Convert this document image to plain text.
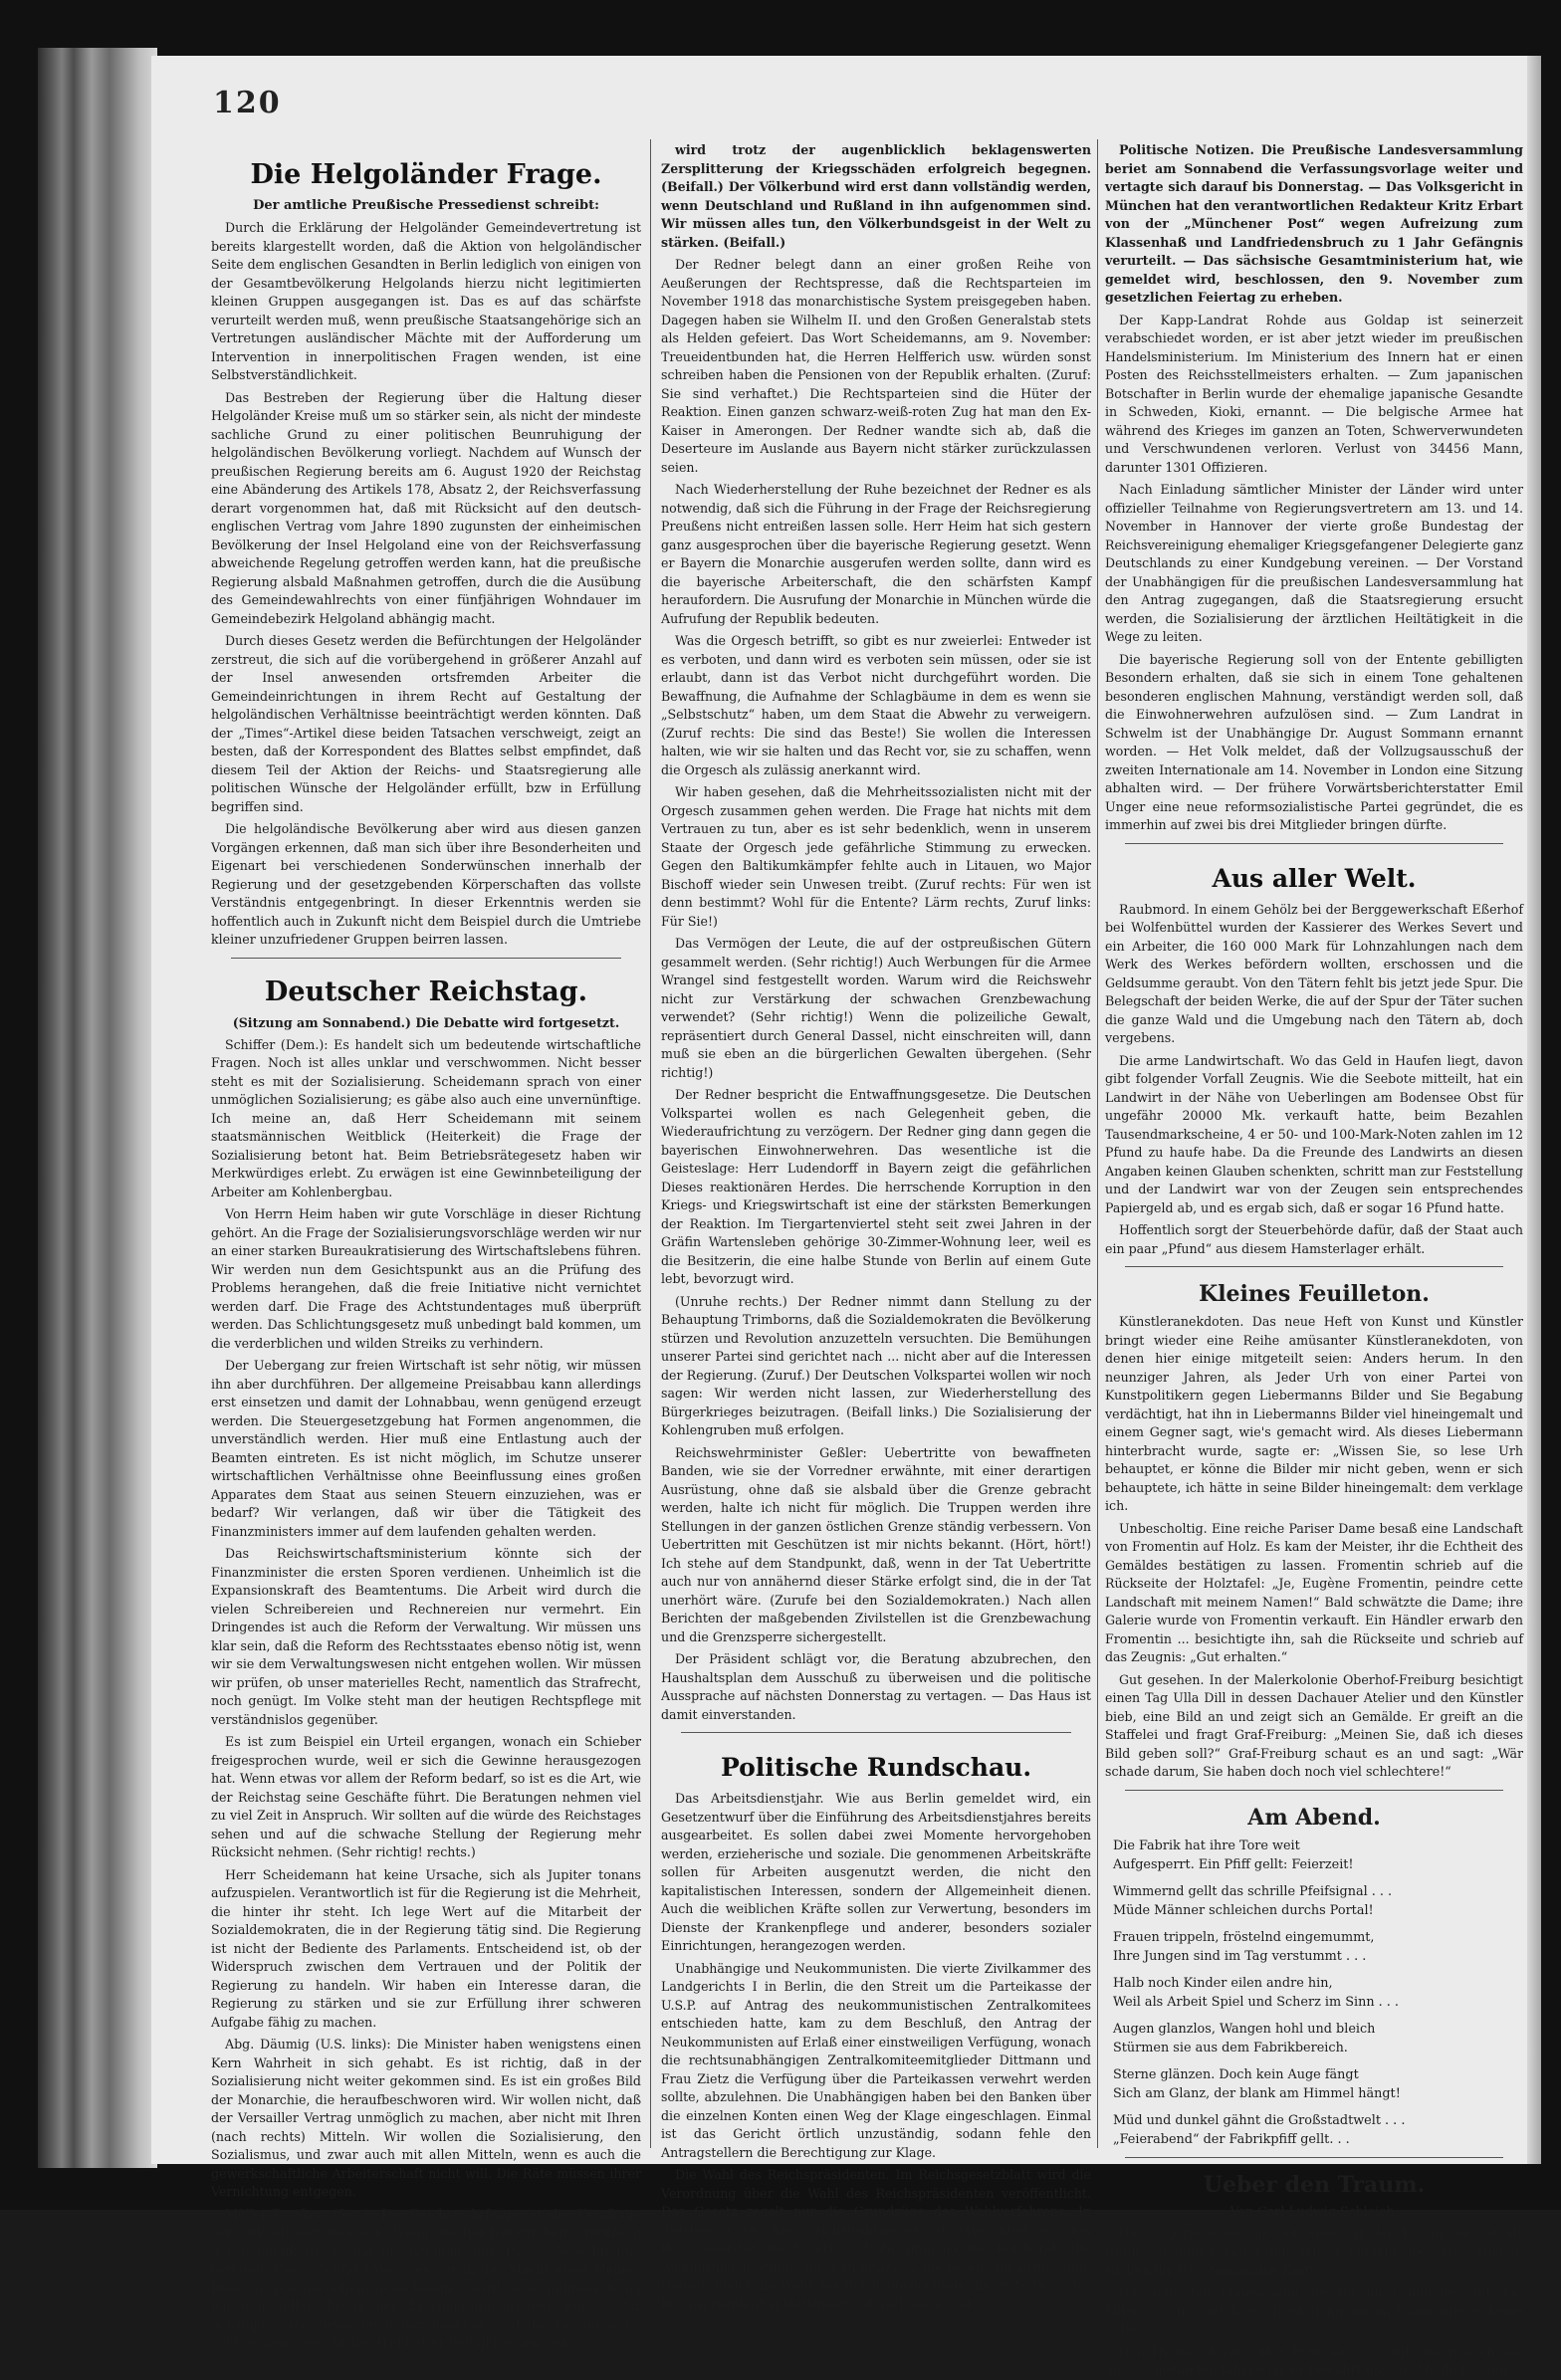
120
Die Helgoländer Frage.
Der amtliche Preußische Pressedienst schreibt:

Durch die Erklärung der Helgoländer Gemeindevertretung ist bereits klargestellt worden, daß die Aktion von helgoländischer Seite dem englischen Gesandten in Berlin lediglich von einigen von der Gesamtbevölkerung Helgolands hierzu nicht legitimierten kleinen Gruppen ausgegangen ist. Das es auf das schärfste verurteilt werden muß, wenn preußische Staatsangehörige sich an Vertretungen ausländischer Mächte mit der Aufforderung um Intervention in innerpolitischen Fragen wenden, ist eine Selbstverständlichkeit.

Das Bestreben der Regierung über die Haltung dieser Helgoländer Kreise muß um so stärker sein, als nicht der mindeste sachliche Grund zu einer politischen Beunruhigung der helgoländischen Bevölkerung vorliegt. Nachdem auf Wunsch der preußischen Regierung bereits am 6. August 1920 der Reichstag eine Abänderung des Artikels 178, Absatz 2, der Reichsverfassung derart vorgenommen hat, daß mit Rücksicht auf den deutsch-englischen Vertrag vom Jahre 1890 zugunsten der einheimischen Bevölkerung der Insel Helgoland eine von der Reichsverfassung abweichende Regelung getroffen werden kann, hat die preußische Regierung alsbald Maßnahmen getroffen, durch die die Ausübung des Gemeindewahlrechts von einer fünfjährigen Wohndauer im Gemeindebezirk Helgoland abhängig macht.

Durch dieses Gesetz werden die Befürchtungen der Helgoländer zerstreut, die sich auf die vorübergehend in größerer Anzahl auf der Insel anwesenden ortsfremden Arbeiter die Gemeindeinrichtungen in ihrem Recht auf Gestaltung der helgoländischen Verhältnisse beeinträchtigt werden könnten. Daß der „Times“-Artikel diese beiden Tatsachen verschweigt, zeigt an besten, daß der Korrespondent des Blattes selbst empfindet, daß diesem Teil der Aktion der Reichs- und Staatsregierung alle politischen Wünsche der Helgoländer erfüllt, bzw in Erfüllung begriffen sind.

Die helgoländische Bevölkerung aber wird aus diesen ganzen Vorgängen erkennen, daß man sich über ihre Besonderheiten und Eigenart bei verschiedenen Sonderwünschen innerhalb der Regierung und der gesetzgebenden Körperschaften das vollste Verständnis entgegenbringt. In dieser Erkenntnis werden sie hoffentlich auch in Zukunft nicht dem Beispiel durch die Umtriebe kleiner unzufriedener Gruppen beirren lassen.

Deutscher Reichstag.
(Sitzung am Sonnabend.) Die Debatte wird fortgesetzt.

Schiffer (Dem.): Es handelt sich um bedeutende wirtschaftliche Fragen. Noch ist alles unklar und verschwommen. Nicht besser steht es mit der Sozialisierung. Scheidemann sprach von einer unmöglichen Sozialisierung; es gäbe also auch eine unvernünftige. Ich meine an, daß Herr Scheidemann mit seinem staatsmännischen Weitblick (Heiterkeit) die Frage der Sozialisierung betont hat. Beim Betriebsrätegesetz haben wir Merkwürdiges erlebt. Zu erwägen ist eine Gewinnbeteiligung der Arbeiter am Kohlenbergbau.

Von Herrn Heim haben wir gute Vorschläge in dieser Richtung gehört. An die Frage der Sozialisierungsvorschläge werden wir nur an einer starken Bureaukratisierung des Wirtschaftslebens führen. Wir werden nun dem Gesichtspunkt aus an die Prüfung des Problems herangehen, daß die freie Initiative nicht vernichtet werden darf. Die Frage des Achtstundentages muß überprüft werden. Das Schlichtungsgesetz muß unbedingt bald kommen, um die verderblichen und wilden Streiks zu verhindern.

Der Uebergang zur freien Wirtschaft ist sehr nötig, wir müssen ihn aber durchführen. Der allgemeine Preisabbau kann allerdings erst einsetzen und damit der Lohnabbau, wenn genügend erzeugt werden. Die Steuergesetzgebung hat Formen angenommen, die unverständlich werden. Hier muß eine Entlastung auch der Beamten eintreten. Es ist nicht möglich, im Schutze unserer wirtschaftlichen Verhältnisse ohne Beeinflussung eines großen Apparates dem Staat aus seinen Steuern einzuziehen, was er bedarf? Wir verlangen, daß wir über die Tätigkeit des Finanzministers immer auf dem laufenden gehalten werden.

Das Reichswirtschaftsministerium könnte sich der Finanzminister die ersten Sporen verdienen. Unheimlich ist die Expansionskraft des Beamtentums. Die Arbeit wird durch die vielen Schreibereien und Rechnereien nur vermehrt. Ein Dringendes ist auch die Reform der Verwaltung. Wir müssen uns klar sein, daß die Reform des Rechtsstaates ebenso nötig ist, wenn wir sie dem Verwaltungswesen nicht entgehen wollen. Wir müssen wir prüfen, ob unser materielles Recht, namentlich das Strafrecht, noch genügt. Im Volke steht man der heutigen Rechtspflege mit verständnislos gegenüber.

Es ist zum Beispiel ein Urteil ergangen, wonach ein Schieber freigesprochen wurde, weil er sich die Gewinne herausgezogen hat. Wenn etwas vor allem der Reform bedarf, so ist es die Art, wie der Reichstag seine Geschäfte führt. Die Beratungen nehmen viel zu viel Zeit in Anspruch. Wir sollten auf die würde des Reichstages sehen und auf die schwache Stellung der Regierung mehr Rücksicht nehmen. (Sehr richtig! rechts.)

Herr Scheidemann hat keine Ursache, sich als Jupiter tonans aufzuspielen. Verantwortlich ist für die Regierung ist die Mehrheit, die hinter ihr steht. Ich lege Wert auf die Mitarbeit der Sozialdemokraten, die in der Regierung tätig sind. Die Regierung ist nicht der Bediente des Parlaments. Entscheidend ist, ob der Widerspruch zwischen dem Vertrauen und der Politik der Regierung zu handeln. Wir haben ein Interesse daran, die Regierung zu stärken und sie zur Erfüllung ihrer schweren Aufgabe fähig zu machen.

Abg. Däumig (U.S. links): Die Minister haben wenigstens einen Kern Wahrheit in sich gehabt. Es ist richtig, daß in der Sozialisierung nicht weiter gekommen sind. Es ist ein großes Bild der Monarchie, die heraufbeschworen wird. Wir wollen nicht, daß der Versailler Vertrag unmöglich zu machen, aber nicht mit Ihren (nach rechts) Mitteln. Wir wollen die Sozialisierung, den Sozialismus, und zwar auch mit allen Mitteln, wenn es auch die gewerkschaftliche Arbeiterschaft nicht will. Die Räte müssen ihrer Vernichtung entgegen.

Müller-Franken (Soz.): Die Reichswehrfrage ist die Kernfrage der Zukunft der Republik. Wenn die Reichswehr kein Werkzeug der Republik ist, so hat die Republik ihre Daseinsberechtigung verloren. (Sehr richtig!) Wenn es nur in der Macht eines kleinen Endes gegen uns gehen, wenn kommen wird, so zu nehmen, wenn ich den vollen Besitz der Erschöpfung bringen würde. Wir bekämpfen die Bewaffnung der Reaktion und die Revanche ist vollkommen aussichtslos. (Lebhafter Beifall bei den Soz.)

wird trotz der augenblicklich beklagenswerten Zersplitterung der Kriegsschäden erfolgreich begegnen. (Beifall.) Der Völkerbund wird erst dann vollständig werden, wenn Deutschland und Rußland in ihn aufgenommen sind. Wir müssen alles tun, den Völkerbundsgeist in der Welt zu stärken. (Beifall.)

Der Redner belegt dann an einer großen Reihe von Aeußerungen der Rechtspresse, daß die Rechtsparteien im November 1918 das monarchistische System preisgegeben haben. Dagegen haben sie Wilhelm II. und den Großen Generalstab stets als Helden gefeiert. Das Wort Scheidemanns, am 9. November: Treueidentbunden hat, die Herren Helfferich usw. würden sonst schreiben haben die Pensionen von der Republik erhalten. (Zuruf: Sie sind verhaftet.) Die Rechtsparteien sind die Hüter der Reaktion. Einen ganzen schwarz-weiß-roten Zug hat man den Ex-Kaiser in Amerongen. Der Redner wandte sich ab, daß die Deserteure im Auslande aus Bayern nicht stärker zurückzulassen seien.

Nach Wiederherstellung der Ruhe bezeichnet der Redner es als notwendig, daß sich die Führung in der Frage der Reichsregierung Preußens nicht entreißen lassen solle. Herr Heim hat sich gestern ganz ausgesprochen über die bayerische Regierung gesetzt. Wenn er Bayern die Monarchie ausgerufen werden sollte, dann wird es die bayerische Arbeiterschaft, die den schärfsten Kampf heraufordern. Die Ausrufung der Monarchie in München würde die Aufrufung der Republik bedeuten.

Was die Orgesch betrifft, so gibt es nur zweierlei: Entweder ist es verboten, und dann wird es verboten sein müssen, oder sie ist erlaubt, dann ist das Verbot nicht durchgeführt worden. Die Bewaffnung, die Aufnahme der Schlagbäume in dem es wenn sie „Selbstschutz“ haben, um dem Staat die Abwehr zu verweigern. (Zuruf rechts: Die sind das Beste!) Sie wollen die Interessen halten, wie wir sie halten und das Recht vor, sie zu schaffen, wenn die Orgesch als zulässig anerkannt wird.

Wir haben gesehen, daß die Mehrheitssozialisten nicht mit der Orgesch zusammen gehen werden. Die Frage hat nichts mit dem Vertrauen zu tun, aber es ist sehr bedenklich, wenn in unserem Staate der Orgesch jede gefährliche Stimmung zu erwecken. Gegen den Baltikumkämpfer fehlte auch in Litauen, wo Major Bischoff wieder sein Unwesen treibt. (Zuruf rechts: Für wen ist denn bestimmt? Wohl für die Entente? Lärm rechts, Zuruf links: Für Sie!)

Das Vermögen der Leute, die auf der ostpreußischen Gütern gesammelt werden. (Sehr richtig!) Auch Werbungen für die Armee Wrangel sind festgestellt worden. Warum wird die Reichswehr nicht zur Verstärkung der schwachen Grenzbewachung verwendet? (Sehr richtig!) Wenn die polizeiliche Gewalt, repräsentiert durch General Dassel, nicht einschreiten will, dann muß sie eben an die bürgerlichen Gewalten übergehen. (Sehr richtig!)

Der Redner bespricht die Entwaffnungsgesetze. Die Deutschen Volkspartei wollen es nach Gelegenheit geben, die Wiederaufrichtung zu verzögern. Der Redner ging dann gegen die bayerischen Einwohnerwehren. Das wesentliche ist die Geisteslage: Herr Ludendorff in Bayern zeigt die gefährlichen Dieses reaktionären Herdes. Die herrschende Korruption in den Kriegs- und Kriegswirtschaft ist eine der stärksten Bemerkungen der Reaktion. Im Tiergartenviertel steht seit zwei Jahren in der Gräfin Wartensleben gehörige 30-Zimmer-Wohnung leer, weil es die Besitzerin, die eine halbe Stunde von Berlin auf einem Gute lebt, bevorzugt wird.

(Unruhe rechts.) Der Redner nimmt dann Stellung zu der Behauptung Trimborns, daß die Sozialdemokraten die Bevölkerung stürzen und Revolution anzuzetteln versuchten. Die Bemühungen unserer Partei sind gerichtet nach ... nicht aber auf die Interessen der Regierung. (Zuruf.) Der Deutschen Volkspartei wollen wir noch sagen: Wir werden nicht lassen, zur Wiederherstellung des Bürgerkrieges beizutragen. (Beifall links.) Die Sozialisierung der Kohlengruben muß erfolgen.

Reichswehrminister Geßler: Uebertritte von bewaffneten Banden, wie sie der Vorredner erwähnte, mit einer derartigen Ausrüstung, ohne daß sie alsbald über die Grenze gebracht werden, halte ich nicht für möglich. Die Truppen werden ihre Stellungen in der ganzen östlichen Grenze ständig verbessern. Von Uebertritten mit Geschützen ist mir nichts bekannt. (Hört, hört!) Ich stehe auf dem Standpunkt, daß, wenn in der Tat Uebertritte auch nur von annähernd dieser Stärke erfolgt sind, die in der Tat unerhört wäre. (Zurufe bei den Sozialdemokraten.) Nach allen Berichten der maßgebenden Zivilstellen ist die Grenzbewachung und die Grenzsperre sichergestellt.

Der Präsident schlägt vor, die Beratung abzubrechen, den Haushaltsplan dem Ausschuß zu überweisen und die politische Aussprache auf nächsten Donnerstag zu vertagen. — Das Haus ist damit einverstanden.

Politische Rundschau.

Das Arbeitsdienstjahr. Wie aus Berlin gemeldet wird, ein Gesetzentwurf über die Einführung des Arbeitsdienstjahres bereits ausgearbeitet. Es sollen dabei zwei Momente hervorgehoben werden, erzieherische und soziale. Die genommenen Arbeitskräfte sollen für Arbeiten ausgenutzt werden, die nicht den kapitalistischen Interessen, sondern der Allgemeinheit dienen. Auch die weiblichen Kräfte sollen zur Verwertung, besonders im Dienste der Krankenpflege und anderer, besonders sozialer Einrichtungen, herangezogen werden.

Unabhängige und Neukommunisten. Die vierte Zivilkammer des Landgerichts I in Berlin, die den Streit um die Parteikasse der U.S.P. auf Antrag des neukommunistischen Zentralkomitees entschieden hatte, kam zu dem Beschluß, den Antrag der Neukommunisten auf Erlaß einer einstweiligen Verfügung, wonach die rechtsunabhängigen Zentralkomiteemitglieder Dittmann und Frau Zietz die Verfügung über die Parteikassen verwehrt werden sollte, abzulehnen. Die Unabhängigen haben bei den Banken über die einzelnen Konten einen Weg der Klage eingeschlagen. Einmal ist das Gericht örtlich unzuständig, sodann fehle den Antragstellern die Berechtigung zur Klage.

Die Wahl des Reichspräsidenten. Im Reichsgesetzblatt wird die Verordnung über die Wahl des Reichspräsidenten veröffentlicht. Das Gesetz regelt nur die Grundzüge des Wahlverfahrens. In Anlehnung an das Reichswahlgesetz ist ermächtigt es den Reichsminister des Innern, mit Zustimmung des Reichsrats die Ausführungsbestimmungen zu erlassen, die bereits im Druck sind. Danach findet die Wahl des Reichspräsidenten, die erste Wahl des Reichspräsidenten stattfindet, ist noch nicht fest.

Politische Notizen. Die Preußische Landesversammlung beriet am Sonnabend die Verfassungsvorlage weiter und vertagte sich darauf bis Donnerstag. — Das Volksgericht in München hat den verantwortlichen Redakteur Kritz Erbart von der „Münchener Post“ wegen Aufreizung zum Klassenhaß und Landfriedensbruch zu 1 Jahr Gefängnis verurteilt. — Das sächsische Gesamtministerium hat, wie gemeldet wird, beschlossen, den 9. November zum gesetzlichen Feiertag zu erheben.

Der Kapp-Landrat Rohde aus Goldap ist seinerzeit verabschiedet worden, er ist aber jetzt wieder im preußischen Handelsministerium. Im Ministerium des Innern hat er einen Posten des Reichsstellmeisters erhalten. — Zum japanischen Botschafter in Berlin wurde der ehemalige japanische Gesandte in Schweden, Kioki, ernannt. — Die belgische Armee hat während des Krieges im ganzen an Toten, Schwerverwundeten und Verschwundenen verloren. Verlust von 34456 Mann, darunter 1301 Offizieren.

Nach Einladung sämtlicher Minister der Länder wird unter offizieller Teilnahme von Regierungsvertretern am 13. und 14. November in Hannover der vierte große Bundestag der Reichsvereinigung ehemaliger Kriegsgefangener Delegierte ganz Deutschlands zu einer Kundgebung vereinen. — Der Vorstand der Unabhängigen für die preußischen Landesversammlung hat den Antrag zugegangen, daß die Staatsregierung ersucht werden, die Sozialisierung der ärztlichen Heiltätigkeit in die Wege zu leiten.

Die bayerische Regierung soll von der Entente gebilligten Besondern erhalten, daß sie sich in einem Tone gehaltenen besonderen englischen Mahnung, verständigt werden soll, daß die Einwohnerwehren aufzulösen sind. — Zum Landrat in Schwelm ist der Unabhängige Dr. August Sommann ernannt worden. — Het Volk meldet, daß der Vollzugsausschuß der zweiten Internationale am 14. November in London eine Sitzung abhalten wird. — Der frühere Vorwärtsberichterstatter Emil Unger eine neue reformsozialistische Partei gegründet, die es immerhin auf zwei bis drei Mitglieder bringen dürfte.

Aus aller Welt.

Raubmord. In einem Gehölz bei der Berggewerkschaft Eßerhof bei Wolfenbüttel wurden der Kassierer des Werkes Severt und ein Arbeiter, die 160 000 Mark für Lohnzahlungen nach dem Werk des Werkes befördern wollten, erschossen und die Geldsumme geraubt. Von den Tätern fehlt bis jetzt jede Spur. Die Belegschaft der beiden Werke, die auf der Spur der Täter suchen die ganze Wald und die Umgebung nach den Tätern ab, doch vergebens.

Die arme Landwirtschaft. Wo das Geld in Haufen liegt, davon gibt folgender Vorfall Zeugnis. Wie die Seebote mitteilt, hat ein Landwirt in der Nähe von Ueberlingen am Bodensee Obst für ungefähr 20000 Mk. verkauft hatte, beim Bezahlen Tausendmarkscheine, 4 er 50- und 100-Mark-Noten zahlen im 12 Pfund zu haufe habe. Da die Freunde des Landwirts an diesen Angaben keinen Glauben schenkten, schritt man zur Feststellung und der Landwirt war von der Zeugen sein entsprechendes Papiergeld ab, und es ergab sich, daß er sogar 16 Pfund hatte.

Hoffentlich sorgt der Steuerbehörde dafür, daß der Staat auch ein paar „Pfund“ aus diesem Hamsterlager erhält.

Kleines Feuilleton.

Künstleranekdoten. Das neue Heft von Kunst und Künstler bringt wieder eine Reihe amüsanter Künstleranekdoten, von denen hier einige mitgeteilt seien: Anders herum. In den neunziger Jahren, als Jeder Urh von einer Partei von Kunstpolitikern gegen Liebermanns Bilder und Sie Begabung verdächtigt, hat ihn in Liebermanns Bilder viel hineingemalt und einem Gegner sagt, wie's gemacht wird. Als dieses Liebermann hinterbracht wurde, sagte er: „Wissen Sie, so lese Urh behauptet, er könne die Bilder mir nicht geben, wenn er sich behauptete, ich hätte in seine Bilder hineingemalt: dem verklage ich.

Unbescholtig. Eine reiche Pariser Dame besaß eine Landschaft von Fromentin auf Holz. Es kam der Meister, ihr die Echtheit des Gemäldes bestätigen zu lassen. Fromentin schrieb auf die Rückseite der Holztafel: „Je, Eugène Fromentin, peindre cette Landschaft mit meinem Namen!“ Bald schwätzte die Dame; ihre Galerie wurde von Fromentin verkauft. Ein Händler erwarb den Fromentin ... besichtigte ihn, sah die Rückseite und schrieb auf das Zeugnis: „Gut erhalten.“

Gut gesehen. In der Malerkolonie Oberhof-Freiburg besichtigt einen Tag Ulla Dill in dessen Dachauer Atelier und den Künstler bieb, eine Bild an und zeigt sich an Gemälde. Er greift an die Staffelei und fragt Graf-Freiburg: „Meinen Sie, daß ich dieses Bild geben soll?“ Graf-Freiburg schaut es an und sagt: „Wär schade darum, Sie haben doch noch viel schlechtere!“

Am Abend.
Die Fabrik hat ihre Tore weit
Aufgesperrt. Ein Pfiff gellt: Feierzeit!
Wimmernd gellt das schrille Pfeifsignal . . .
Müde Männer schleichen durchs Portal!
Frauen trippeln, fröstelnd eingemummt,
Ihre Jungen sind im Tag verstummt . . .
Halb noch Kinder eilen andre hin,
Weil als Arbeit Spiel und Scherz im Sinn . . .
Augen glanzlos, Wangen hohl und bleich
Stürmen sie aus dem Fabrikbereich.
Sterne glänzen. Doch kein Auge fängt
Sich am Glanz, der blank am Himmel hängt!
Müd und dunkel gähnt die Großstadtwelt . . .
„Feierabend“ der Fabrikpfiff gellt. . .
Ueber den Traum.
Von Carl Ludwig Schleich.

Die gariezte Schwinge der Seele ist der Traum. Sie ist als wenn ein müder Falter mit seinen Flügeln über Wetterlagen, suchen ihr Nachtaufnahme Kraft.

Die heißesten Tränen sind die, die im Traum geweint. Sie fallen auf ein schuldloses Herz, denn nur im Traum gibt es keine Schuld.

Der Traum ist ein guter Erzieher: er zeigt uns wessen wir unter Umständen fähig sind, er bewahrt uns vor Möglichkeiten.
